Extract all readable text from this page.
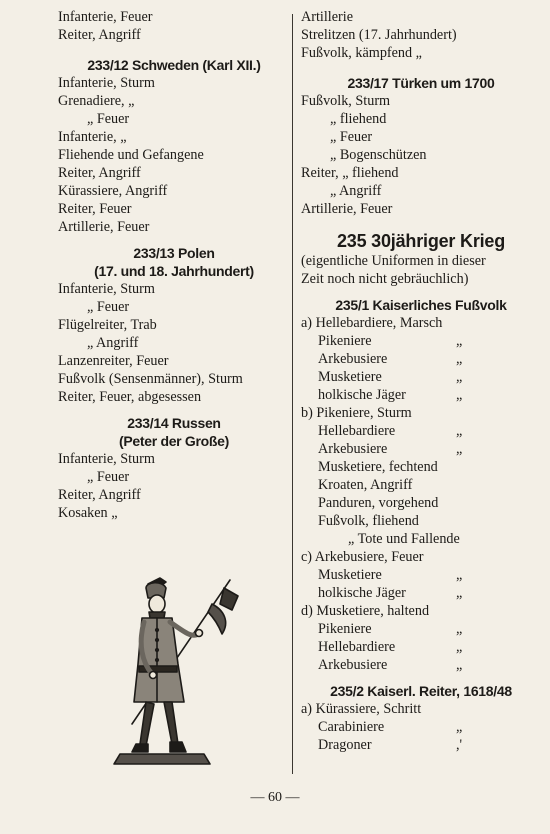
Infanterie, Feuer
Reiter, Angriff
233/12 Schweden (Karl XII.)
Infanterie, Sturm
Grenadiere, „
„ Feuer
Infanterie, „
Fliehende und Gefangene
Reiter, Angriff
Kürassiere, Angriff
Reiter, Feuer
Artillerie, Feuer
233/13 Polen
(17. und 18. Jahrhundert)
Infanterie, Sturm
„ Feuer
Flügelreiter, Trab
„ Angriff
Lanzenreiter, Feuer
Fußvolk (Sensenmänner), Sturm
Reiter, Feuer, abgesessen
233/14 Russen
(Peter der Große)
Infanterie, Sturm
„ Feuer
Reiter, Angriff
Kosaken „
Artillerie
Strelitzen (17. Jahrhundert)
Fußvolk, kämpfend „
233/17 Türken um 1700
Fußvolk, Sturm
„ fliehend
„ Feuer
„ Bogenschützen
Reiter, „ fliehend
„ Angriff
Artillerie, Feuer
235 30jähriger Krieg
(eigentliche Uniformen in dieser
Zeit noch nicht gebräuchlich)
235/1 Kaiserliches Fußvolk
a) Hellebardiere, Marsch
Pikeniere	„
Arkebusiere	„
Musketiere	„
holkische Jäger	„
b) Pikeniere, Sturm
Hellebardiere	„
Arkebusiere	„
Musketiere, fechtend
Kroaten, Angriff
Panduren, vorgehend
Fußvolk, fliehend
„ Tote und Fallende
c) Arkebusiere, Feuer
Musketiere	„
holkische Jäger	„
d) Musketiere, haltend
Pikeniere	„
Hellebardiere	„
Arkebusiere	„
235/2 Kaiserl. Reiter, 1618/48
a) Kürassiere, Schritt
Carabiniere	„
Dragoner	,'
— 60 —
